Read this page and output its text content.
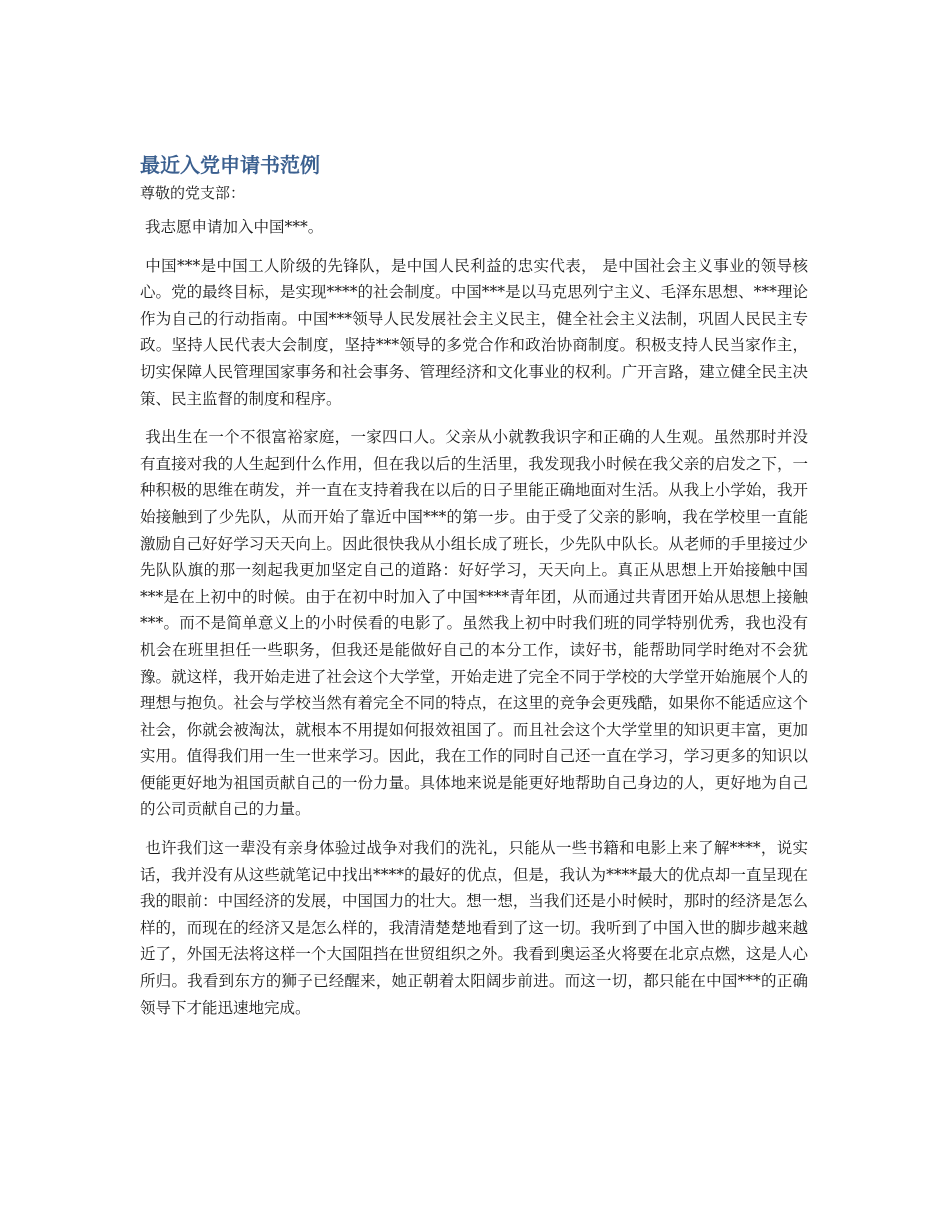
最近入党申请书范例

尊敬的党支部：

我志愿申请加入中国***。

中国***是中国工人阶级的先锋队，是中国人民利益的忠实代表， 是中国社会主义事业的领导核心。党的最终目标，是实现****的社会制度。中国***是以马克思列宁主义、毛泽东思想、***理论作为自己的行动指南。中国***领导人民发展社会主义民主，健全社会主义法制，巩固人民民主专政。坚持人民代表大会制度，坚持***领导的多党合作和政治协商制度。积极支持人民当家作主，切实保障人民管理国家事务和社会事务、管理经济和文化事业的权利。广开言路，建立健全民主决策、民主监督的制度和程序。

我出生在一个不很富裕家庭，一家四口人。父亲从小就教我识字和正确的人生观。虽然那时并没有直接对我的人生起到什么作用，但在我以后的生活里，我发现我小时候在我父亲的启发之下，一种积极的思维在萌发，并一直在支持着我在以后的日子里能正确地面对生活。从我上小学始，我开始接触到了少先队，从而开始了靠近中国***的第一步。由于受了父亲的影响，我在学校里一直能激励自己好好学习天天向上。因此很快我从小组长成了班长，少先队中队长。从老师的手里接过少先队队旗的那一刻起我更加坚定自己的道路：好好学习，天天向上。真正从思想上开始接触中国***是在上初中的时候。由于在初中时加入了中国****青年团，从而通过共青团开始从思想上接触***。而不是简单意义上的小时侯看的电影了。虽然我上初中时我们班的同学特别优秀，我也没有机会在班里担任一些职务，但我还是能做好自己的本分工作，读好书，能帮助同学时绝对不会犹豫。就这样，我开始走进了社会这个大学堂，开始走进了完全不同于学校的大学堂开始施展个人的理想与抱负。社会与学校当然有着完全不同的特点，在这里的竞争会更残酷，如果你不能适应这个社会，你就会被淘汰，就根本不用提如何报效祖国了。而且社会这个大学堂里的知识更丰富，更加实用。值得我们用一生一世来学习。因此，我在工作的同时自己还一直在学习，学习更多的知识以便能更好地为祖国贡献自己的一份力量。具体地来说是能更好地帮助自己身边的人，更好地为自己的公司贡献自己的力量。

也许我们这一辈没有亲身体验过战争对我们的洗礼，只能从一些书籍和电影上来了解****，说实话，我并没有从这些就笔记中找出****的最好的优点，但是，我认为****最大的优点却一直呈现在我的眼前：中国经济的发展，中国国力的壮大。想一想，当我们还是小时候时，那时的经济是怎么样的，而现在的经济又是怎么样的，我清清楚楚地看到了这一切。我听到了中国入世的脚步越来越近了，外国无法将这样一个大国阻挡在世贸组织之外。我看到奥运圣火将要在北京点燃，这是人心所归。我看到东方的狮子已经醒来，她正朝着太阳阔步前进。而这一切，都只能在中国***的正确领导下才能迅速地完成。
